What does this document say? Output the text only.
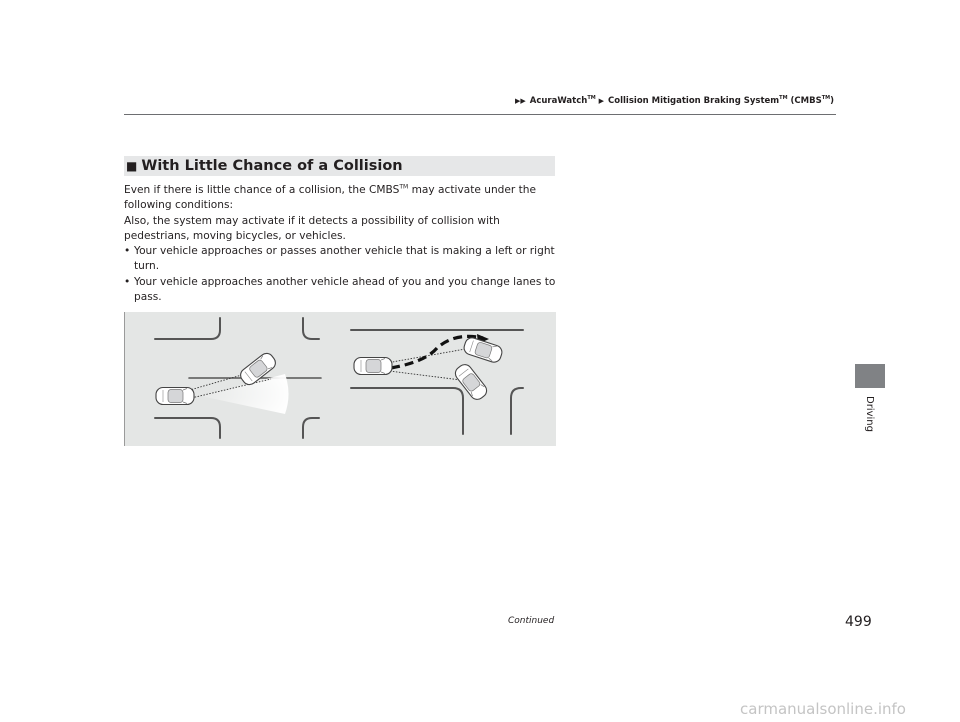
▶▶ AcuraWatch™ ▶ Collision Mitigation Braking System™ (CMBS™)
Driving
■ With Little Chance of a Collision

Even if there is little chance of a collision, the CMBS™ may activate under the following conditions:

Also, the system may activate if it detects a possibility of collision with pedestrians, moving bicycles, or vehicles.

• Your vehicle approaches or passes another vehicle that is making a left or right turn.
• Your vehicle approaches another vehicle ahead of you and you change lanes to pass.
Continued	499
carmanualsonline.info
